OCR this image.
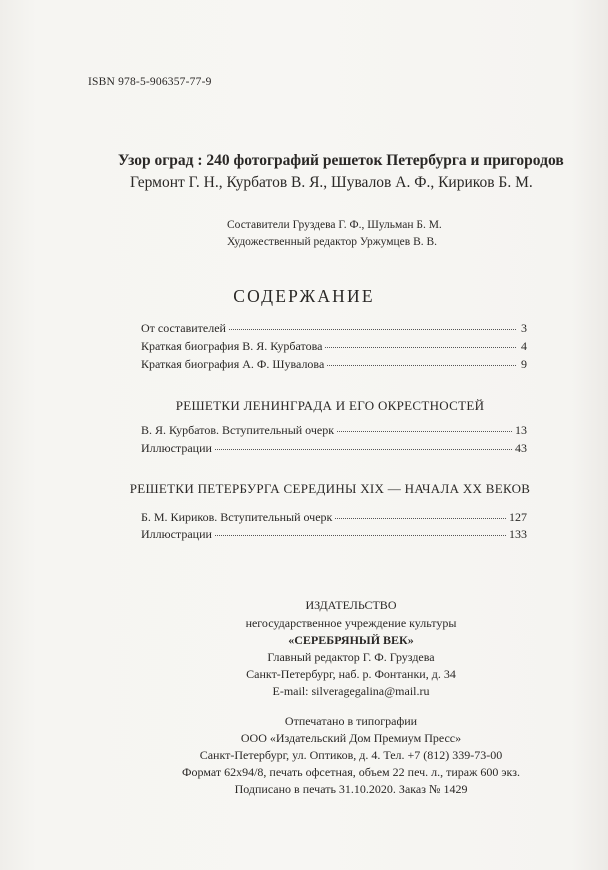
ISBN 978-5-906357-77-9
Узор оград : 240 фотографий решеток Петербурга и пригородов
Гермонт Г. Н., Курбатов В. Я., Шувалов А. Ф., Кириков Б. М.
Составители Груздева Г. Ф., Шульман Б. М.
Художественный редактор Уржумцев В. В.
СОДЕРЖАНИЕ
От составителей	3
Краткая биография В. Я. Курбатова	4
Краткая биография А. Ф. Шувалова	9
РЕШЕТКИ ЛЕНИНГРАДА И ЕГО ОКРЕСТНОСТЕЙ
В. Я. Курбатов. Вступительный очерк	13
Иллюстрации	43
РЕШЕТКИ ПЕТЕРБУРГА СЕРЕДИНЫ XIX — НАЧАЛА XX ВЕКОВ
Б. М. Кириков. Вступительный очерк	127
Иллюстрации	133
ИЗДАТЕЛЬСТВО
негосударственное учреждение культуры
«СЕРЕБРЯНЫЙ ВЕК»
Главный редактор Г. Ф. Груздева
Санкт-Петербург, наб. р. Фонтанки, д. 34
E-mail: silveragegalina@mail.ru
Отпечатано в типографии
ООО «Издательский Дом Премиум Пресс»
Санкт-Петербург, ул. Оптиков, д. 4. Тел. +7 (812) 339-73-00
Формат 62х94/8, печать офсетная, объем 22 печ. л., тираж 600 экз.
Подписано в печать 31.10.2020. Заказ № 1429
